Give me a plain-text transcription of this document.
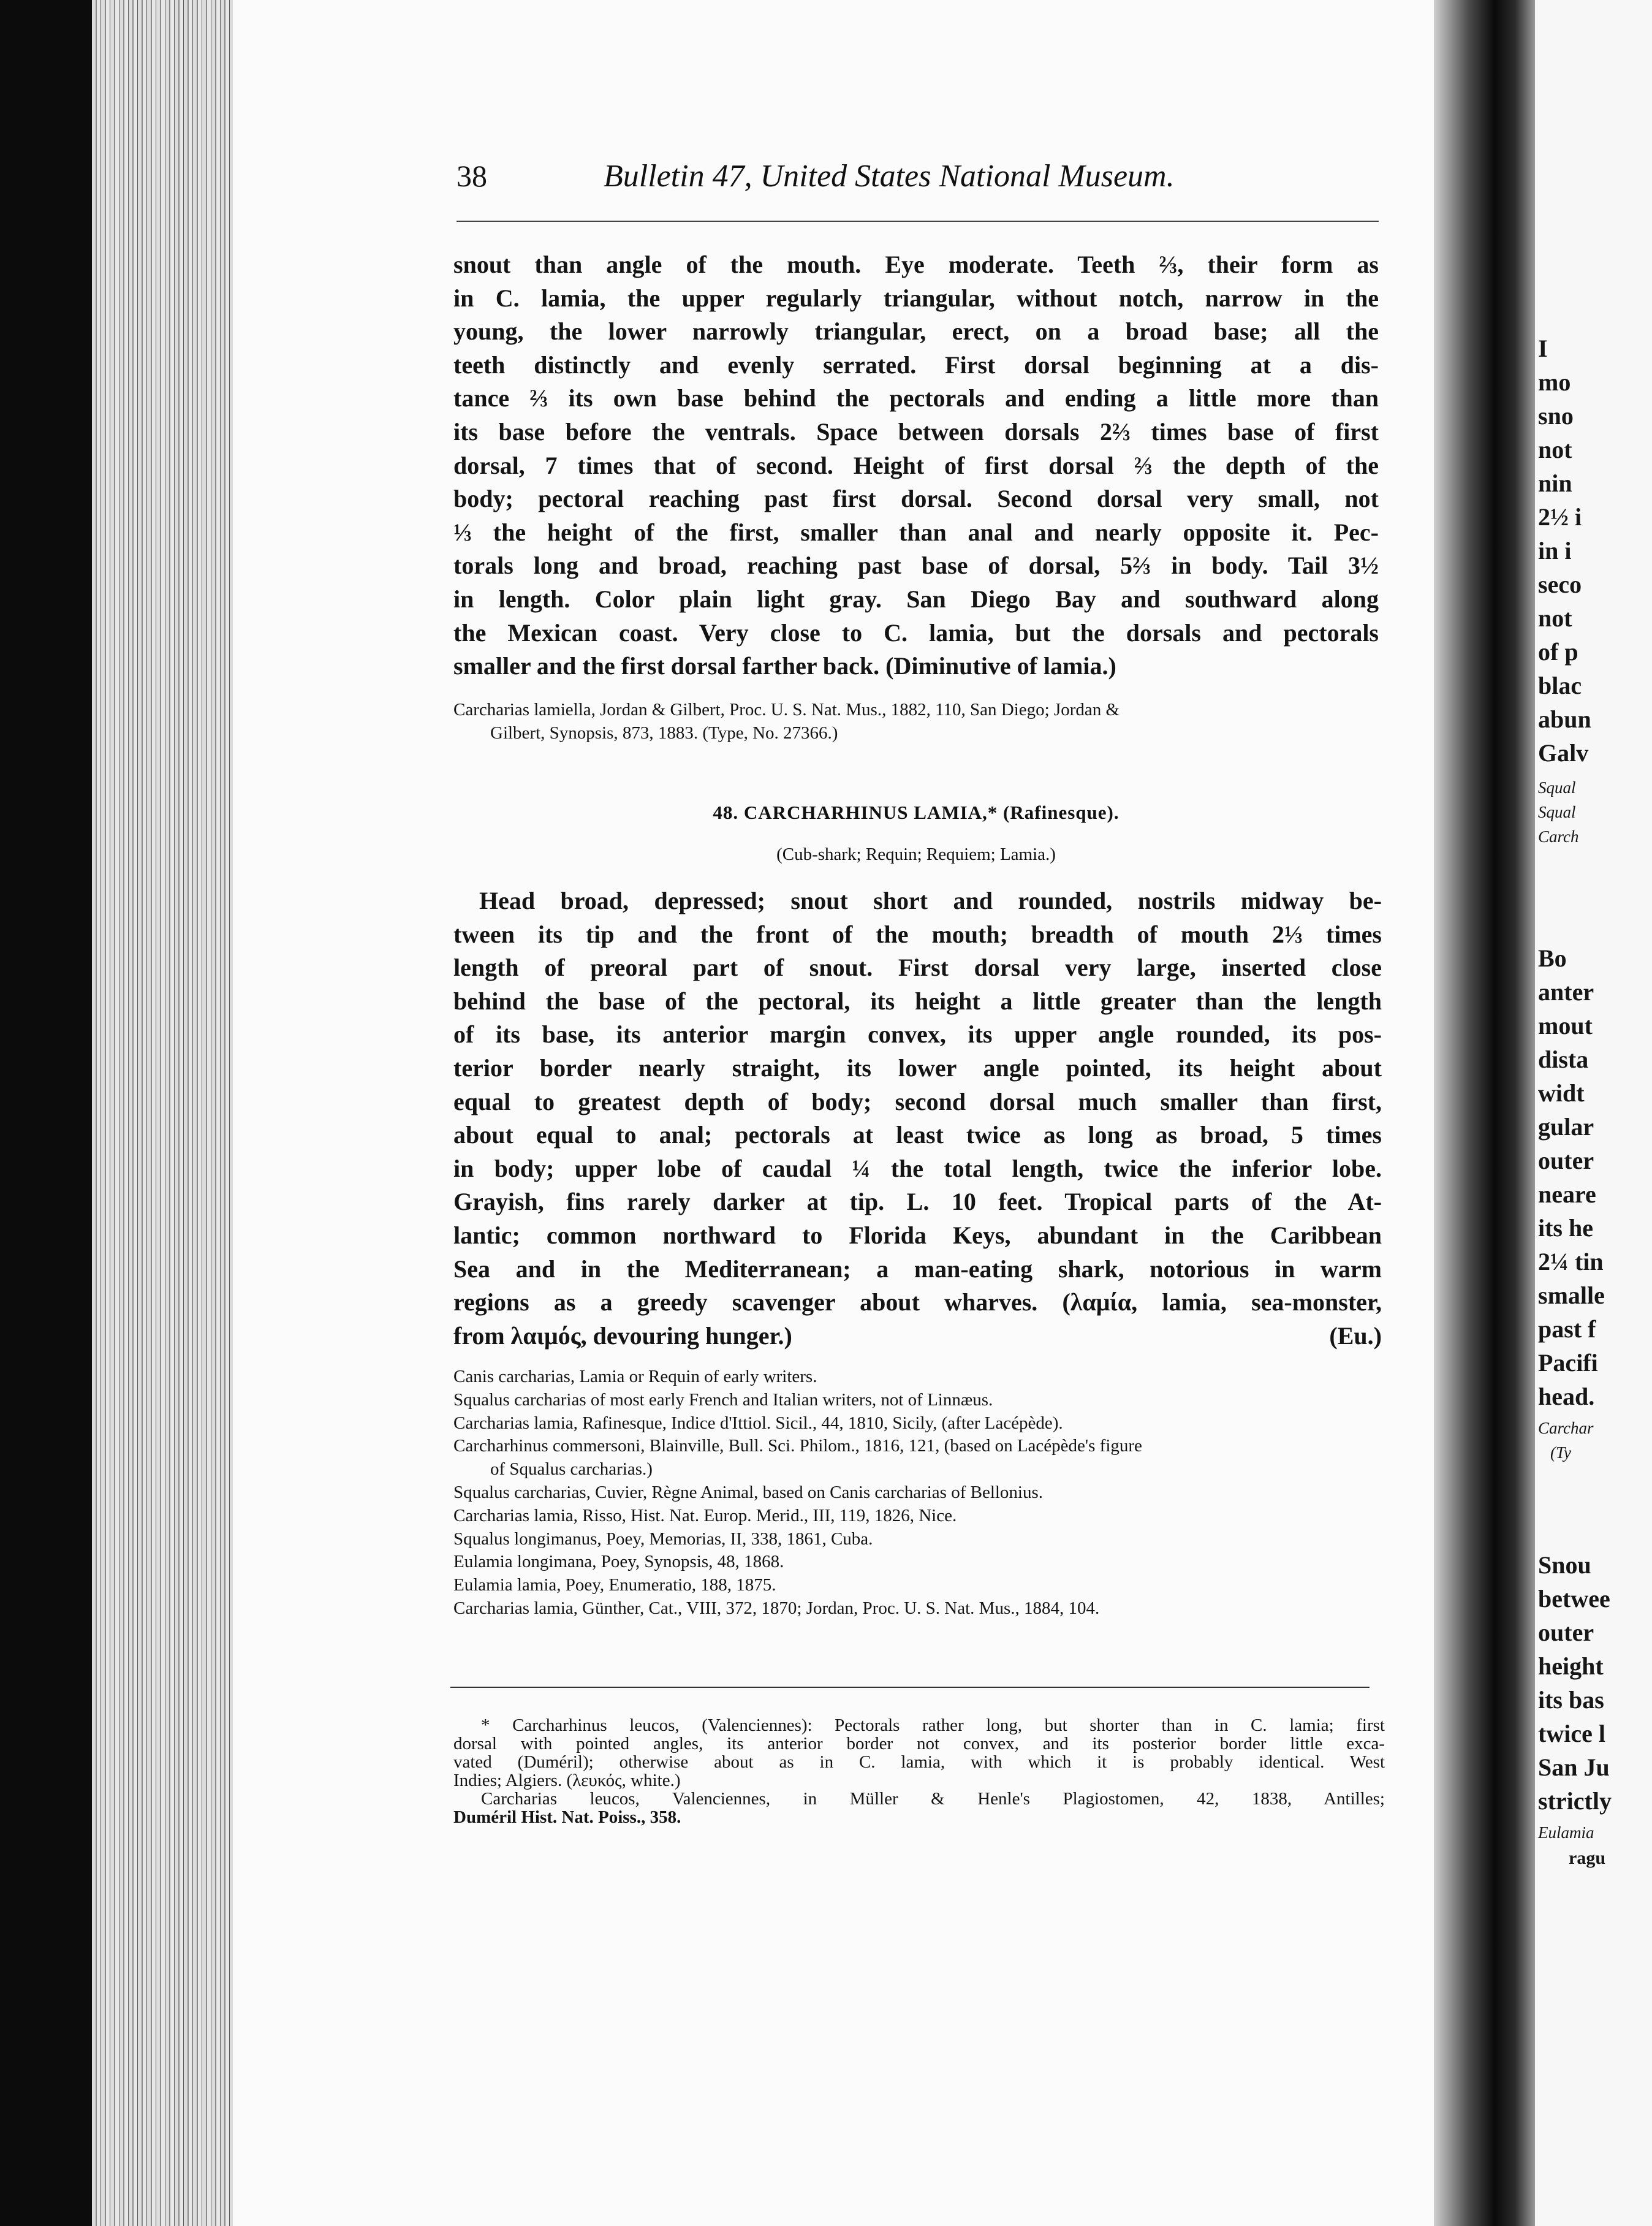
38	Bulletin 47, United States National Museum.
snout than angle of the mouth. Eye moderate. Teeth ⅔, their form as
in C. lamia, the upper regularly triangular, without notch, narrow in the
young, the lower narrowly triangular, erect, on a broad base; all the
teeth distinctly and evenly serrated. First dorsal beginning at a dis-
tance ⅔ its own base behind the pectorals and ending a little more than
its base before the ventrals. Space between dorsals 2⅔ times base of first
dorsal, 7 times that of second. Height of first dorsal ⅔ the depth of the
body; pectoral reaching past first dorsal. Second dorsal very small, not
⅓ the height of the first, smaller than anal and nearly opposite it. Pec-
torals long and broad, reaching past base of dorsal, 5⅔ in body. Tail 3½
in length. Color plain light gray. San Diego Bay and southward along
the Mexican coast. Very close to C. lamia, but the dorsals and pectorals
smaller and the first dorsal farther back. (Diminutive of lamia.)
Carcharias lamiella, Jordan & Gilbert, Proc. U. S. Nat. Mus., 1882, 110, San Diego; Jordan &
Gilbert, Synopsis, 873, 1883. (Type, No. 27366.)
48. CARCHARHINUS LAMIA,* (Rafinesque).
(Cub-shark; Requin; Requiem; Lamia.)
Head broad, depressed; snout short and rounded, nostrils midway be-
tween its tip and the front of the mouth; breadth of mouth 2⅓ times
length of preoral part of snout. First dorsal very large, inserted close
behind the base of the pectoral, its height a little greater than the length
of its base, its anterior margin convex, its upper angle rounded, its pos-
terior border nearly straight, its lower angle pointed, its height about
equal to greatest depth of body; second dorsal much smaller than first,
about equal to anal; pectorals at least twice as long as broad, 5 times
in body; upper lobe of caudal ¼ the total length, twice the inferior lobe.
Grayish, fins rarely darker at tip. L. 10 feet. Tropical parts of the At-
lantic; common northward to Florida Keys, abundant in the Caribbean
Sea and in the Mediterranean; a man-eating shark, notorious in warm
regions as a greedy scavenger about wharves. (λαμία, lamia, sea-monster,
from λαιμός, devouring hunger.)	(Eu.)
Canis carcharias, Lamia or Requin of early writers.
Squalus carcharias of most early French and Italian writers, not of Linnæus.
Carcharias lamia, Rafinesque, Indice d'Ittiol. Sicil., 44, 1810, Sicily, (after Lacépède).
Carcharhinus commersoni, Blainville, Bull. Sci. Philom., 1816, 121, (based on Lacépède's figure
of Squalus carcharias.)
Squalus carcharias, Cuvier, Règne Animal, based on Canis carcharias of Bellonius.
Carcharias lamia, Risso, Hist. Nat. Europ. Merid., III, 119, 1826, Nice.
Squalus longimanus, Poey, Memorias, II, 338, 1861, Cuba.
Eulamia longimana, Poey, Synopsis, 48, 1868.
Eulamia lamia, Poey, Enumeratio, 188, 1875.
Carcharias lamia, Günther, Cat., VIII, 372, 1870; Jordan, Proc. U. S. Nat. Mus., 1884, 104.
* Carcharhinus leucos, (Valenciennes): Pectorals rather long, but shorter than in C. lamia; first
dorsal with pointed angles, its anterior border not convex, and its posterior border little exca-
vated (Duméril); otherwise about as in C. lamia, with which it is probably identical. West
Indies; Algiers. (λευκός, white.)
Carcharias leucos, Valenciennes, in Müller & Henle's Plagiostomen, 42, 1838, Antilles;
Duméril Hist. Nat. Poiss., 358.
I
mo
sno
not
nin
2½ i
in i
seco
not
of p
blac
abun
Galv
Squal
Squal
Carch
Bo
anter
mout
dista
widt
gular
outer
neare
its he
2¼ tin
smalle
past f
Pacifi
head.
Carchar
(Ty
Snou
betwee
outer
height
its bas
twice l
San Ju
strictly
Eulamia
ragu
